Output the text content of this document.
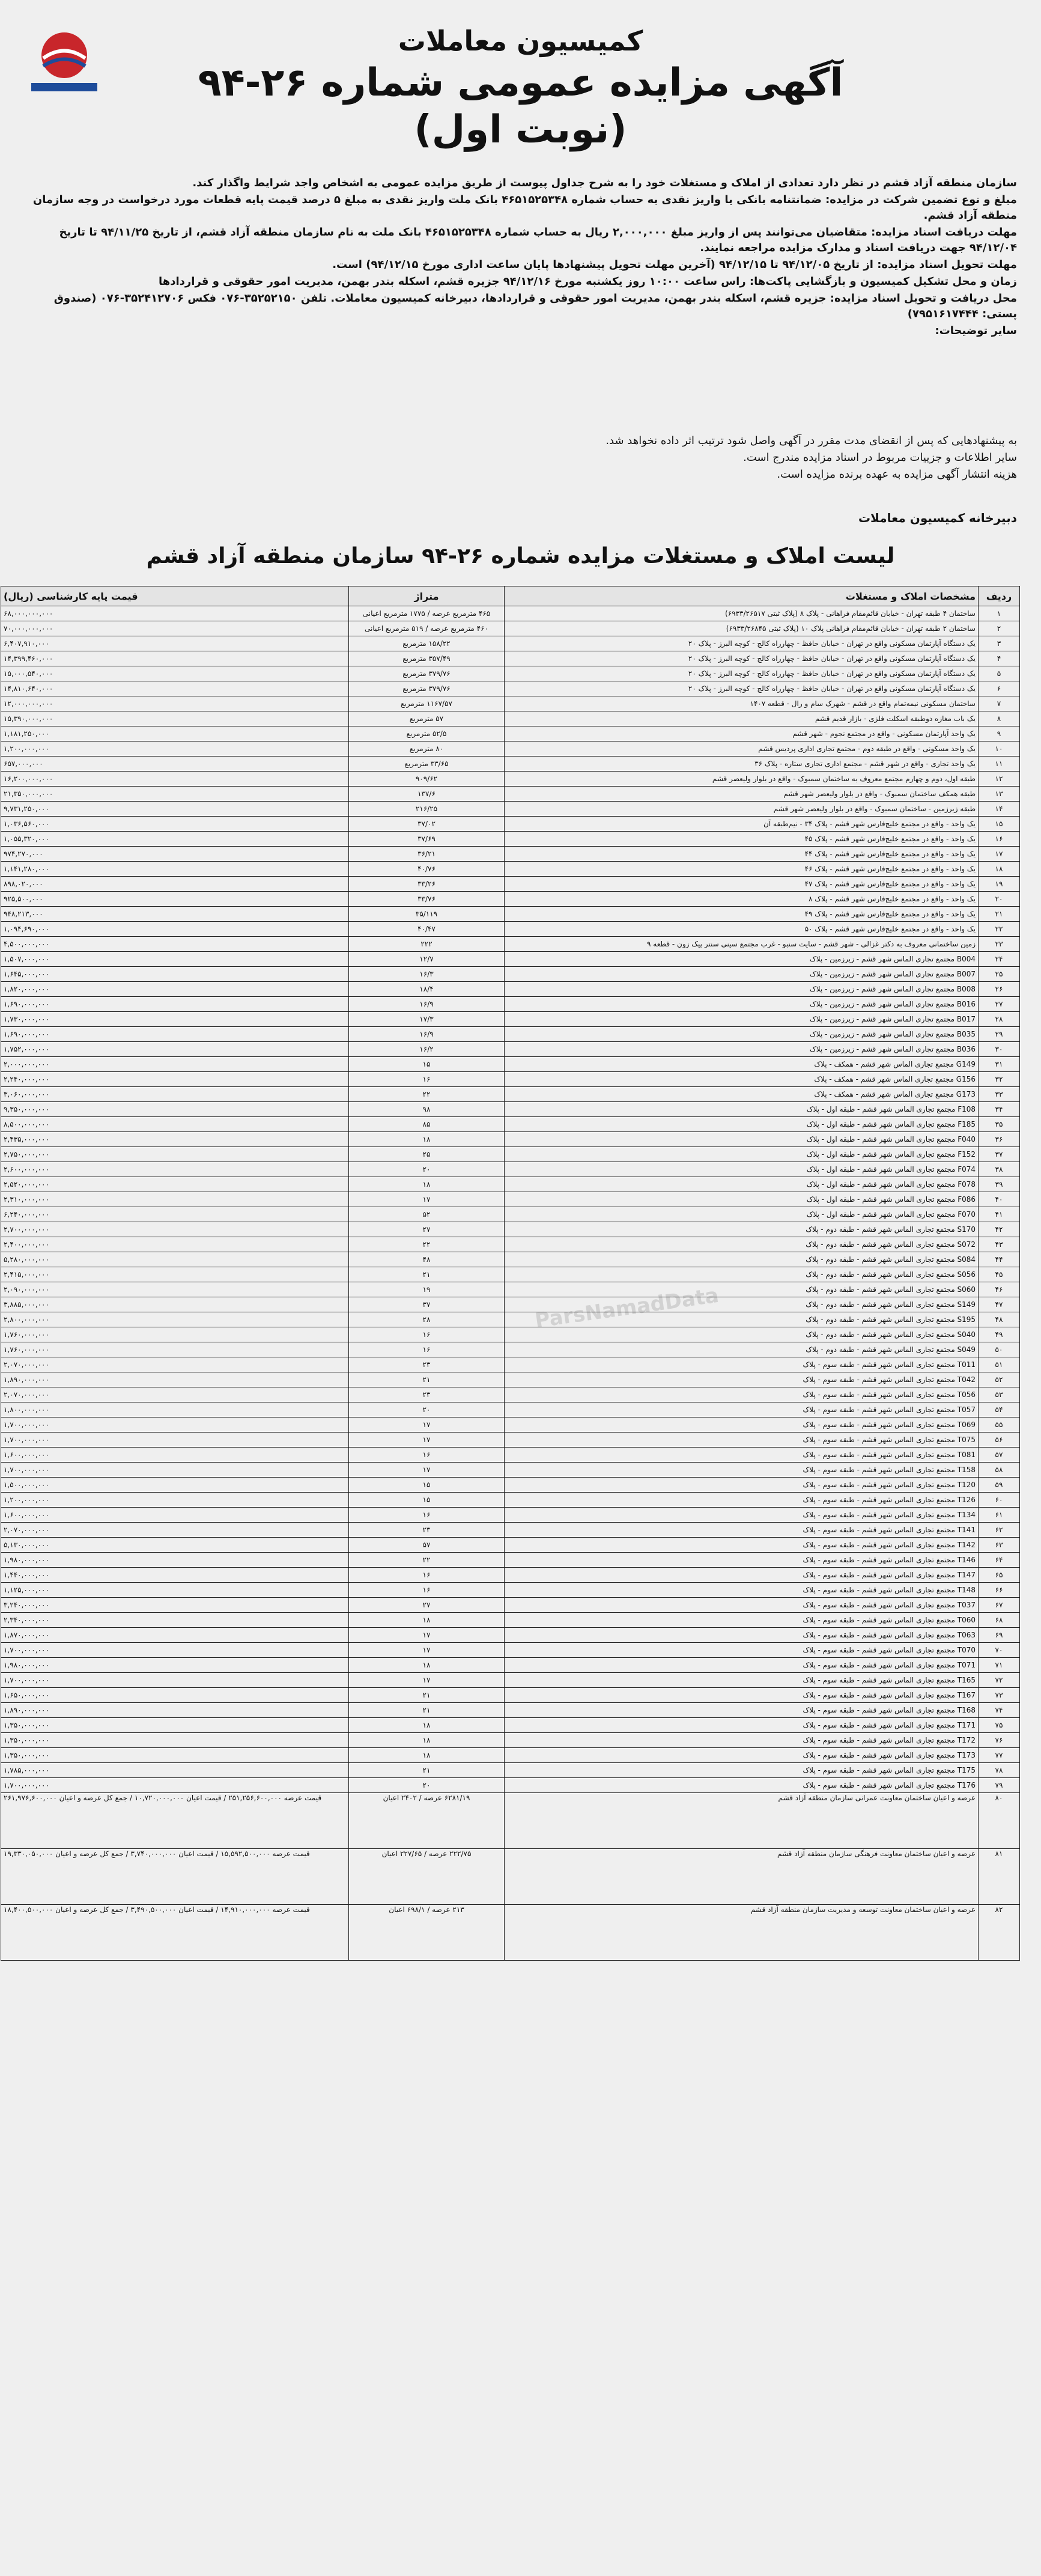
کمیسیون معاملات
آگهی مزایده عمومی شماره ۲۶-۹۴
(نوبت اول)

سازمان منطقه آزاد قشم در نظر دارد تعدادی از املاک و مستغلات خود را به شرح جداول پیوست از طریق مزایده عمومی به اشخاص واجد شرایط واگذار کند.

مبلغ و نوع تضمین شرکت در مزایده: ضمانتنامه بانکی یا واریز نقدی به حساب شماره ۴۶۵۱۵۲۵۳۴۸ بانک ملت واریز نقدی به مبلغ ۵ درصد قیمت پایه قطعات مورد درخواست در وجه سازمان منطقه آزاد قشم.

مهلت دریافت اسناد مزایده: متقاضیان می‌توانند پس از واریز مبلغ ۲,۰۰۰,۰۰۰ ریال به حساب شماره ۴۶۵۱۵۲۵۳۴۸ بانک ملت به نام سازمان منطقه آزاد قشم، از تاریخ ۹۴/۱۱/۲۵ تا تاریخ ۹۴/۱۲/۰۴ جهت دریافت اسناد و مدارک مزایده مراجعه نمایند.

مهلت تحویل اسناد مزایده: از تاریخ ۹۴/۱۲/۰۵ تا ۹۴/۱۲/۱۵ (آخرین مهلت تحویل پیشنهادها پایان ساعت اداری مورخ ۹۴/۱۲/۱۵) است.

زمان و محل تشکیل کمیسیون و بازگشایی پاکت‌ها: راس ساعت ۱۰:۰۰ روز یکشنبه مورخ ۹۴/۱۲/۱۶ جزیره قشم، اسکله بندر بهمن، مدیریت امور حقوقی و قراردادها

محل دریافت و تحویل اسناد مزایده: جزیره قشم، اسکله بندر بهمن، مدیریت امور حقوقی و قراردادها، دبیرخانه کمیسیون معاملات. تلفن ۳۵۲۵۲۱۵۰-۰۷۶ فکس ۳۵۲۴۱۲۷۰۶-۰۷۶ (صندوق پستی: ۷۹۵۱۶۱۷۴۴۴)

سایر توضیحات:

به پیشنهادهایی که پس از انقضای مدت مقرر در آگهی واصل شود ترتیب اثر داده نخواهد شد.
سایر اطلاعات و جزییات مربوط در اسناد مزایده مندرج است.
هزینه انتشار آگهی مزایده به عهده برنده مزایده است.
دبیرخانه کمیسیون معاملات
لیست املاک و مستغلات مزایده شماره ۲۶-۹۴ سازمان منطقه آزاد قشم
ParsNamadData
ردیف	مشخصات املاک و مستغلات	متراژ	قیمت پایه کارشناسی (ریال)
۱	ساختمان ۴ طبقه تهران - خیابان قائم‌مقام فراهانی - پلاک ۸ (پلاک ثبتی ۶۹۳۳/۲۶۵۱۷)	۴۶۵ مترمربع عرصه / ۱۷۷۵ مترمربع اعیانی	۶۸,۰۰۰,۰۰۰,۰۰۰
۲	ساختمان ۲ طبقه تهران - خیابان قائم‌مقام فراهانی پلاک ۱۰ (پلاک ثبتی ۶۹۳۳/۲۶۸۴۵)	۴۶۰ مترمربع عرصه / ۵۱۹ مترمربع اعیانی	۷۰,۰۰۰,۰۰۰,۰۰۰
۳	یک دستگاه آپارتمان مسکونی واقع در تهران - خیابان حافظ - چهارراه کالج - کوچه البرز - پلاک ۲۰	۱۵۸/۲۲ مترمربع	۶,۴۰۷,۹۱۰,۰۰۰
۴	یک دستگاه آپارتمان مسکونی واقع در تهران - خیابان حافظ - چهارراه کالج - کوچه البرز - پلاک ۲۰	۳۵۷/۴۹ مترمربع	۱۴,۳۹۹,۴۶۰,۰۰۰
۵	یک دستگاه آپارتمان مسکونی واقع در تهران - خیابان حافظ - چهارراه کالج - کوچه البرز - پلاک ۲۰	۳۷۹/۷۶ مترمربع	۱۵,۰۰۰,۵۴۰,۰۰۰
۶	یک دستگاه آپارتمان مسکونی واقع در تهران - خیابان حافظ - چهارراه کالج - کوچه البرز - پلاک ۲۰	۳۷۹/۷۶ مترمربع	۱۴,۸۱۰,۶۴۰,۰۰۰
۷	ساختمان مسکونی نیمه‌تمام واقع در قشم - شهرک سام و رال - قطعه ۱۴۰۷	۱۱۶۷/۵۷ مترمربع	۱۲,۰۰۰,۰۰۰,۰۰۰
۸	یک باب مغازه دوطبقه اسکلت فلزی - بازار قدیم قشم	۵۷ مترمربع	۱۵,۳۹۰,۰۰۰,۰۰۰
۹	یک واحد آپارتمان مسکونی - واقع در مجتمع نجوم - شهر قشم	۵۲/۵ مترمربع	۱,۱۸۱,۲۵۰,۰۰۰
۱۰	یک واحد مسکونی - واقع در طبقه دوم - مجتمع تجاری اداری پردیس قشم	۸۰ مترمربع	۱,۲۰۰,۰۰۰,۰۰۰
۱۱	یک واحد تجاری - واقع در شهر قشم - مجتمع اداری تجاری ستاره - پلاک ۳۶	۳۳/۶۵ مترمربع	۶۵۷,۰۰۰,۰۰۰
۱۲	طبقه اول، دوم و چهارم مجتمع معروف به ساختمان سمبوک - واقع در بلوار ولیعصر قشم	۹۰۹/۶۲	۱۶,۲۰۰,۰۰۰,۰۰۰
۱۳	طبقه همکف ساختمان سمبوک - واقع در بلوار ولیعصر شهر قشم	۱۳۷/۶	۲۱,۳۵۰,۰۰۰,۰۰۰
۱۴	طبقه زیرزمین - ساختمان سمبوک - واقع در بلوار ولیعصر شهر قشم	۲۱۶/۲۵	۹,۷۳۱,۲۵۰,۰۰۰
۱۵	یک واحد - واقع در مجتمع خلیج‌فارس شهر قشم - پلاک ۳۴ - نیم‌طبقه آن	۳۷/۰۲	۱,۰۳۶,۵۶۰,۰۰۰
۱۶	یک واحد - واقع در مجتمع خلیج‌فارس شهر قشم - پلاک ۴۵	۳۷/۶۹	۱,۰۵۵,۳۲۰,۰۰۰
۱۷	یک واحد - واقع در مجتمع خلیج‌فارس شهر قشم - پلاک ۴۴	۳۶/۲۱	۹۷۴,۲۷۰,۰۰۰
۱۸	یک واحد - واقع در مجتمع خلیج‌فارس شهر قشم - پلاک ۴۶	۴۰/۷۶	۱,۱۴۱,۲۸۰,۰۰۰
۱۹	یک واحد - واقع در مجتمع خلیج‌فارس شهر قشم - پلاک ۴۷	۳۳/۲۶	۸۹۸,۰۲۰,۰۰۰
۲۰	یک واحد - واقع در مجتمع خلیج‌فارس شهر قشم - پلاک ۸	۳۳/۷۶	۹۲۵,۵۰۰,۰۰۰
۲۱	یک واحد - واقع در مجتمع خلیج‌فارس شهر قشم - پلاک ۴۹	۳۵/۱۱۹	۹۴۸,۲۱۳,۰۰۰
۲۲	یک واحد - واقع در مجتمع خلیج‌فارس شهر قشم - پلاک ۵۰	۴۰/۴۷	۱,۰۹۴,۶۹۰,۰۰۰
۲۳	زمین ساختمانی معروف به دکتر غزالی - شهر قشم - سایت سنبو - غرب مجتمع سینی سنتر پیک زون - قطعه ۹	۲۲۲	۴,۵۰۰,۰۰۰,۰۰۰
۲۴	B004 مجتمع تجاری الماس شهر قشم - زیرزمین - پلاک	۱۲/۷	۱,۵۰۷,۰۰۰,۰۰۰
۲۵	B007 مجتمع تجاری الماس شهر قشم - زیرزمین - پلاک	۱۶/۳	۱,۶۴۵,۰۰۰,۰۰۰
۲۶	B008 مجتمع تجاری الماس شهر قشم - زیرزمین - پلاک	۱۸/۴	۱,۸۲۰,۰۰۰,۰۰۰
۲۷	B016 مجتمع تجاری الماس شهر قشم - زیرزمین - پلاک	۱۶/۹	۱,۶۹۰,۰۰۰,۰۰۰
۲۸	B017 مجتمع تجاری الماس شهر قشم - زیرزمین - پلاک	۱۷/۳	۱,۷۳۰,۰۰۰,۰۰۰
۲۹	B035 مجتمع تجاری الماس شهر قشم - زیرزمین - پلاک	۱۶/۹	۱,۶۹۰,۰۰۰,۰۰۰
۳۰	B036 مجتمع تجاری الماس شهر قشم - زیرزمین - پلاک	۱۶/۲	۱,۷۵۲,۰۰۰,۰۰۰
۳۱	G149 مجتمع تجاری الماس شهر قشم - همکف - پلاک	۱۵	۲,۰۰۰,۰۰۰,۰۰۰
۳۲	G156 مجتمع تجاری الماس شهر قشم - همکف - پلاک	۱۶	۲,۲۴۰,۰۰۰,۰۰۰
۳۳	G173 مجتمع تجاری الماس شهر قشم - همکف - پلاک	۲۲	۳,۰۶۰,۰۰۰,۰۰۰
۳۴	F108 مجتمع تجاری الماس شهر قشم - طبقه اول - پلاک	۹۸	۹,۳۵۰,۰۰۰,۰۰۰
۳۵	F185 مجتمع تجاری الماس شهر قشم - طبقه اول - پلاک	۸۵	۸,۵۰۰,۰۰۰,۰۰۰
۳۶	F040 مجتمع تجاری الماس شهر قشم - طبقه اول - پلاک	۱۸	۲,۴۳۵,۰۰۰,۰۰۰
۳۷	F152 مجتمع تجاری الماس شهر قشم - طبقه اول - پلاک	۲۵	۲,۷۵۰,۰۰۰,۰۰۰
۳۸	F074 مجتمع تجاری الماس شهر قشم - طبقه اول - پلاک	۲۰	۲,۶۰۰,۰۰۰,۰۰۰
۳۹	F078 مجتمع تجاری الماس شهر قشم - طبقه اول - پلاک	۱۸	۲,۵۲۰,۰۰۰,۰۰۰
۴۰	F086 مجتمع تجاری الماس شهر قشم - طبقه اول - پلاک	۱۷	۲,۳۱۰,۰۰۰,۰۰۰
۴۱	F070 مجتمع تجاری الماس شهر قشم - طبقه اول - پلاک	۵۲	۶,۲۴۰,۰۰۰,۰۰۰
۴۲	S170 مجتمع تجاری الماس شهر قشم - طبقه دوم - پلاک	۲۷	۲,۷۰۰,۰۰۰,۰۰۰
۴۳	S072 مجتمع تجاری الماس شهر قشم - طبقه دوم - پلاک	۲۲	۲,۴۰۰,۰۰۰,۰۰۰
۴۴	S084 مجتمع تجاری الماس شهر قشم - طبقه دوم - پلاک	۴۸	۵,۲۸۰,۰۰۰,۰۰۰
۴۵	S056 مجتمع تجاری الماس شهر قشم - طبقه دوم - پلاک	۲۱	۲,۴۱۵,۰۰۰,۰۰۰
۴۶	S060 مجتمع تجاری الماس شهر قشم - طبقه دوم - پلاک	۱۹	۲,۰۹۰,۰۰۰,۰۰۰
۴۷	S149 مجتمع تجاری الماس شهر قشم - طبقه دوم - پلاک	۳۷	۳,۸۸۵,۰۰۰,۰۰۰
۴۸	S195 مجتمع تجاری الماس شهر قشم - طبقه دوم - پلاک	۲۸	۲,۸۰۰,۰۰۰,۰۰۰
۴۹	S040 مجتمع تجاری الماس شهر قشم - طبقه دوم - پلاک	۱۶	۱,۷۶۰,۰۰۰,۰۰۰
۵۰	S049 مجتمع تجاری الماس شهر قشم - طبقه دوم - پلاک	۱۶	۱,۷۶۰,۰۰۰,۰۰۰
۵۱	T011 مجتمع تجاری الماس شهر قشم - طبقه سوم - پلاک	۲۳	۲,۰۷۰,۰۰۰,۰۰۰
۵۲	T042 مجتمع تجاری الماس شهر قشم - طبقه سوم - پلاک	۲۱	۱,۸۹۰,۰۰۰,۰۰۰
۵۳	T056 مجتمع تجاری الماس شهر قشم - طبقه سوم - پلاک	۲۳	۲,۰۷۰,۰۰۰,۰۰۰
۵۴	T057 مجتمع تجاری الماس شهر قشم - طبقه سوم - پلاک	۲۰	۱,۸۰۰,۰۰۰,۰۰۰
۵۵	T069 مجتمع تجاری الماس شهر قشم - طبقه سوم - پلاک	۱۷	۱,۷۰۰,۰۰۰,۰۰۰
۵۶	T075 مجتمع تجاری الماس شهر قشم - طبقه سوم - پلاک	۱۷	۱,۷۰۰,۰۰۰,۰۰۰
۵۷	T081 مجتمع تجاری الماس شهر قشم - طبقه سوم - پلاک	۱۶	۱,۶۰۰,۰۰۰,۰۰۰
۵۸	T158 مجتمع تجاری الماس شهر قشم - طبقه سوم - پلاک	۱۷	۱,۷۰۰,۰۰۰,۰۰۰
۵۹	T120 مجتمع تجاری الماس شهر قشم - طبقه سوم - پلاک	۱۵	۱,۵۰۰,۰۰۰,۰۰۰
۶۰	T126 مجتمع تجاری الماس شهر قشم - طبقه سوم - پلاک	۱۵	۱,۲۰۰,۰۰۰,۰۰۰
۶۱	T134 مجتمع تجاری الماس شهر قشم - طبقه سوم - پلاک	۱۶	۱,۶۰۰,۰۰۰,۰۰۰
۶۲	T141 مجتمع تجاری الماس شهر قشم - طبقه سوم - پلاک	۲۳	۲,۰۷۰,۰۰۰,۰۰۰
۶۳	T142 مجتمع تجاری الماس شهر قشم - طبقه سوم - پلاک	۵۷	۵,۱۳۰,۰۰۰,۰۰۰
۶۴	T146 مجتمع تجاری الماس شهر قشم - طبقه سوم - پلاک	۲۲	۱,۹۸۰,۰۰۰,۰۰۰
۶۵	T147 مجتمع تجاری الماس شهر قشم - طبقه سوم - پلاک	۱۶	۱,۴۴۰,۰۰۰,۰۰۰
۶۶	T148 مجتمع تجاری الماس شهر قشم - طبقه سوم - پلاک	۱۶	۱,۱۲۵,۰۰۰,۰۰۰
۶۷	T037 مجتمع تجاری الماس شهر قشم - طبقه سوم - پلاک	۲۷	۳,۲۴۰,۰۰۰,۰۰۰
۶۸	T060 مجتمع تجاری الماس شهر قشم - طبقه سوم - پلاک	۱۸	۲,۳۴۰,۰۰۰,۰۰۰
۶۹	T063 مجتمع تجاری الماس شهر قشم - طبقه سوم - پلاک	۱۷	۱,۸۷۰,۰۰۰,۰۰۰
۷۰	T070 مجتمع تجاری الماس شهر قشم - طبقه سوم - پلاک	۱۷	۱,۷۰۰,۰۰۰,۰۰۰
۷۱	T071 مجتمع تجاری الماس شهر قشم - طبقه سوم - پلاک	۱۸	۱,۹۸۰,۰۰۰,۰۰۰
۷۲	T165 مجتمع تجاری الماس شهر قشم - طبقه سوم - پلاک	۱۷	۱,۷۰۰,۰۰۰,۰۰۰
۷۳	T167 مجتمع تجاری الماس شهر قشم - طبقه سوم - پلاک	۲۱	۱,۶۵۰,۰۰۰,۰۰۰
۷۴	T168 مجتمع تجاری الماس شهر قشم - طبقه سوم - پلاک	۲۱	۱,۸۹۰,۰۰۰,۰۰۰
۷۵	T171 مجتمع تجاری الماس شهر قشم - طبقه سوم - پلاک	۱۸	۱,۳۵۰,۰۰۰,۰۰۰
۷۶	T172 مجتمع تجاری الماس شهر قشم - طبقه سوم - پلاک	۱۸	۱,۳۵۰,۰۰۰,۰۰۰
۷۷	T173 مجتمع تجاری الماس شهر قشم - طبقه سوم - پلاک	۱۸	۱,۳۵۰,۰۰۰,۰۰۰
۷۸	T175 مجتمع تجاری الماس شهر قشم - طبقه سوم - پلاک	۲۱	۱,۷۸۵,۰۰۰,۰۰۰
۷۹	T176 مجتمع تجاری الماس شهر قشم - طبقه سوم - پلاک	۲۰	۱,۷۰۰,۰۰۰,۰۰۰
۸۰	عرصه و اعیان ساختمان معاونت عمرانی سازمان منطقه آزاد قشم	۶۲۸۱/۱۹ عرصه / ۲۴۰۲ اعیان	قیمت عرصه ۲۵۱,۲۵۶,۶۰۰,۰۰۰ / قیمت اعیان ۱۰,۷۲۰,۰۰۰,۰۰۰ / جمع کل عرصه و اعیان ۲۶۱,۹۷۶,۶۰۰,۰۰۰
۸۱	عرصه و اعیان ساختمان معاونت فرهنگی سازمان منطقه آزاد قشم	۲۲۲/۷۵ عرصه / ۲۲۷/۶۵ اعیان	قیمت عرصه ۱۵,۵۹۲,۵۰۰,۰۰۰ / قیمت اعیان ۳,۷۴۰,۰۰۰,۰۰۰ / جمع کل عرصه و اعیان ۱۹,۳۳۰,۰۵۰,۰۰۰
۸۲	عرصه و اعیان ساختمان معاونت توسعه و مدیریت سازمان منطقه آزاد قشم	۲۱۳ عرصه / ۶۹۸/۱ اعیان	قیمت عرصه ۱۴,۹۱۰,۰۰۰,۰۰۰ / قیمت اعیان ۳,۴۹۰,۵۰۰,۰۰۰ / جمع کل عرصه و اعیان ۱۸,۴۰۰,۵۰۰,۰۰۰
